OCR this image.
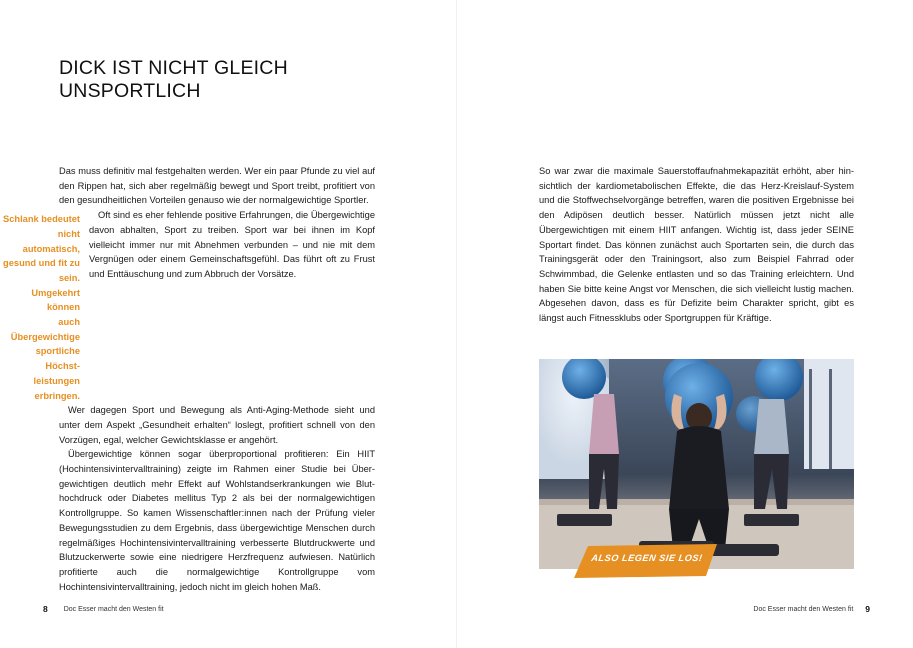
DICK IST NICHT GLEICH
UNSPORTLICH

Das muss definitiv mal festgehalten werden. Wer ein paar Pfunde zu viel auf den Rippen hat, sich aber regelmäßig bewegt und Sport treibt, profitiert von den gesundheitlichen Vorteilen genauso wie der normalgewichtige Sportler.

Schlank bedeutet
nicht automatisch,
gesund und fit zu sein.
Umgekehrt können
auch Übergewichtige
sportliche Höchst-
leistungen erbringen.

Oft sind es eher fehlende positive Erfahrungen, die Übergewichtige davon abhalten, Sport zu treiben. Sport war bei ihnen im Kopf vielleicht immer nur mit Abnehmen verbunden – und nie mit dem Vergnügen oder einem Gemeinschaftsgefühl. Das führt oft zu Frust und Enttäuschung und zum Abbruch der Vorsätze.

Wer dagegen Sport und Bewegung als Anti-Aging-Methode sieht und unter dem Aspekt „Gesundheit erhalten“ loslegt, profitiert schnell von den Vorzügen, egal, welcher Gewichtsklasse er angehört.

Übergewichtige können sogar überproportional profitieren: Ein HIIT (Hochintensivintervalltraining) zeigte im Rahmen einer Studie bei Übergewichtigen deutlich mehr Effekt auf Wohlstandserkrankungen wie Bluthochdruck oder Diabetes mellitus Typ 2 als bei der normalgewichtigen Kontrollgruppe. So kamen Wissenschaftler:innen nach der Prüfung vieler Bewegungsstudien zu dem Ergebnis, dass übergewichtige Menschen durch regelmäßiges Hochintensivintervalltraining verbesserte Blutdruckwerte und Blutzuckerwerte sowie eine niedrigere Herzfrequenz aufwiesen. Natürlich profitierte auch die normalgewichtige Kontrollgruppe vom Hochintensivintervalltraining, jedoch nicht im gleich hohen Maß.

8 Doc Esser macht den Westen fit

So war zwar die maximale Sauerstoffaufnahmekapazität erhöht, aber hinsichtlich der kardiometabolischen Effekte, die das Herz-Kreislauf-System und die Stoffwechselvorgänge betreffen, waren die positiven Ergebnisse bei den Adipösen deutlich besser. Natürlich müssen jetzt nicht alle Übergewichtigen mit einem HIIT anfangen. Wichtig ist, dass jeder SEINE Sportart findet. Das können zunächst auch Sportarten sein, die durch das Trainingsgerät oder den Trainingsort, also zum Beispiel Fahrrad oder Schwimmbad, die Gelenke entlasten und so das Training erleichtern. Und haben Sie bitte keine Angst vor Menschen, die sich vielleicht lustig machen. Abgesehen davon, dass es für Defizite beim Charakter spricht, gibt es längst auch Fitnessklubs oder Sportgruppen für Kräftige.

ALSO LEGEN SIE LOS!
Doc Esser macht den Westen fit 9
